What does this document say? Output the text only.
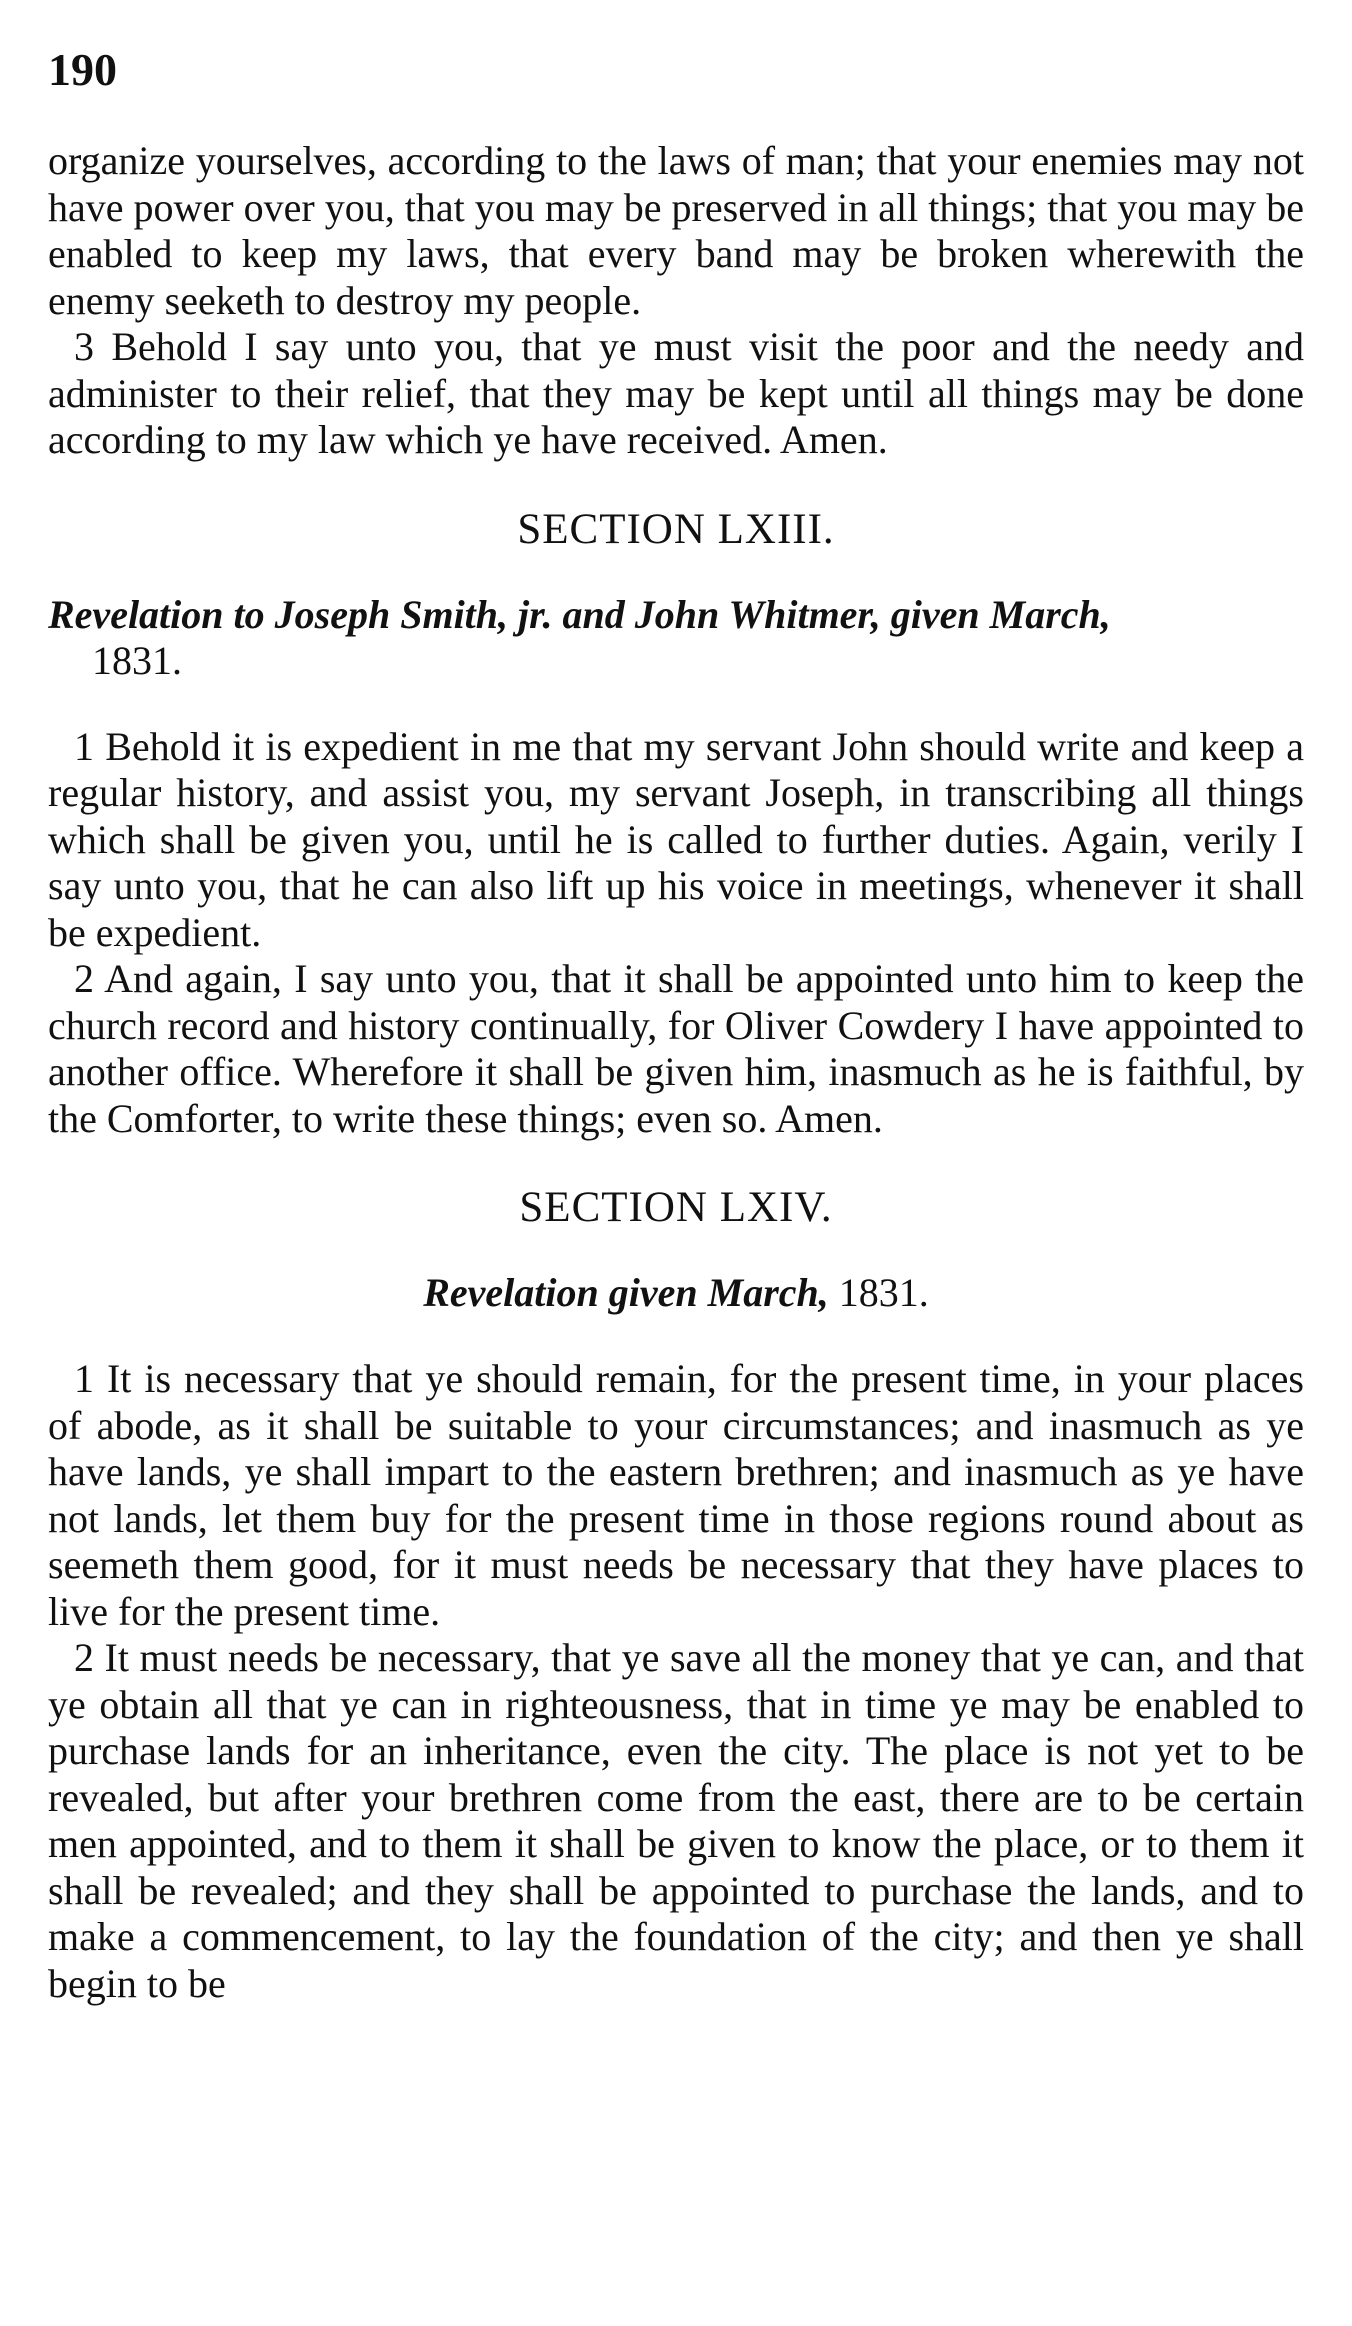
190

organize yourselves, according to the laws of man; that your enemies may not have power over you, that you may be preserved in all things; that you may be enabled to keep my laws, that every band may be broken wherewith the enemy seeketh to destroy my people.

3 Behold I say unto you, that ye must visit the poor and the needy and administer to their relief, that they may be kept until all things may be done according to my law which ye have received. Amen.

SECTION LXIII.
Revelation to Joseph Smith, jr. and John Whitmer, given March,
1831.

1 Behold it is expedient in me that my servant John should write and keep a regular history, and assist you, my servant Joseph, in transcribing all things which shall be given you, until he is called to further duties. Again, verily I say unto you, that he can also lift up his voice in meetings, whenever it shall be expedient.

2 And again, I say unto you, that it shall be appointed unto him to keep the church record and history continually, for Oliver Cowdery I have appointed to another office. Wherefore it shall be given him, inasmuch as he is faithful, by the Comforter, to write these things; even so. Amen.

SECTION LXIV.
Revelation given March, 1831.

1 It is necessary that ye should remain, for the present time, in your places of abode, as it shall be suitable to your circumstances; and inasmuch as ye have lands, ye shall impart to the eastern brethren; and inasmuch as ye have not lands, let them buy for the present time in those regions round about as seemeth them good, for it must needs be necessary that they have places to live for the present time.

2 It must needs be necessary, that ye save all the money that ye can, and that ye obtain all that ye can in righteousness, that in time ye may be enabled to purchase lands for an inheritance, even the city. The place is not yet to be revealed, but after your brethren come from the east, there are to be certain men appointed, and to them it shall be given to know the place, or to them it shall be revealed; and they shall be appointed to purchase the lands, and to make a commencement, to lay the foundation of the city; and then ye shall begin to be
